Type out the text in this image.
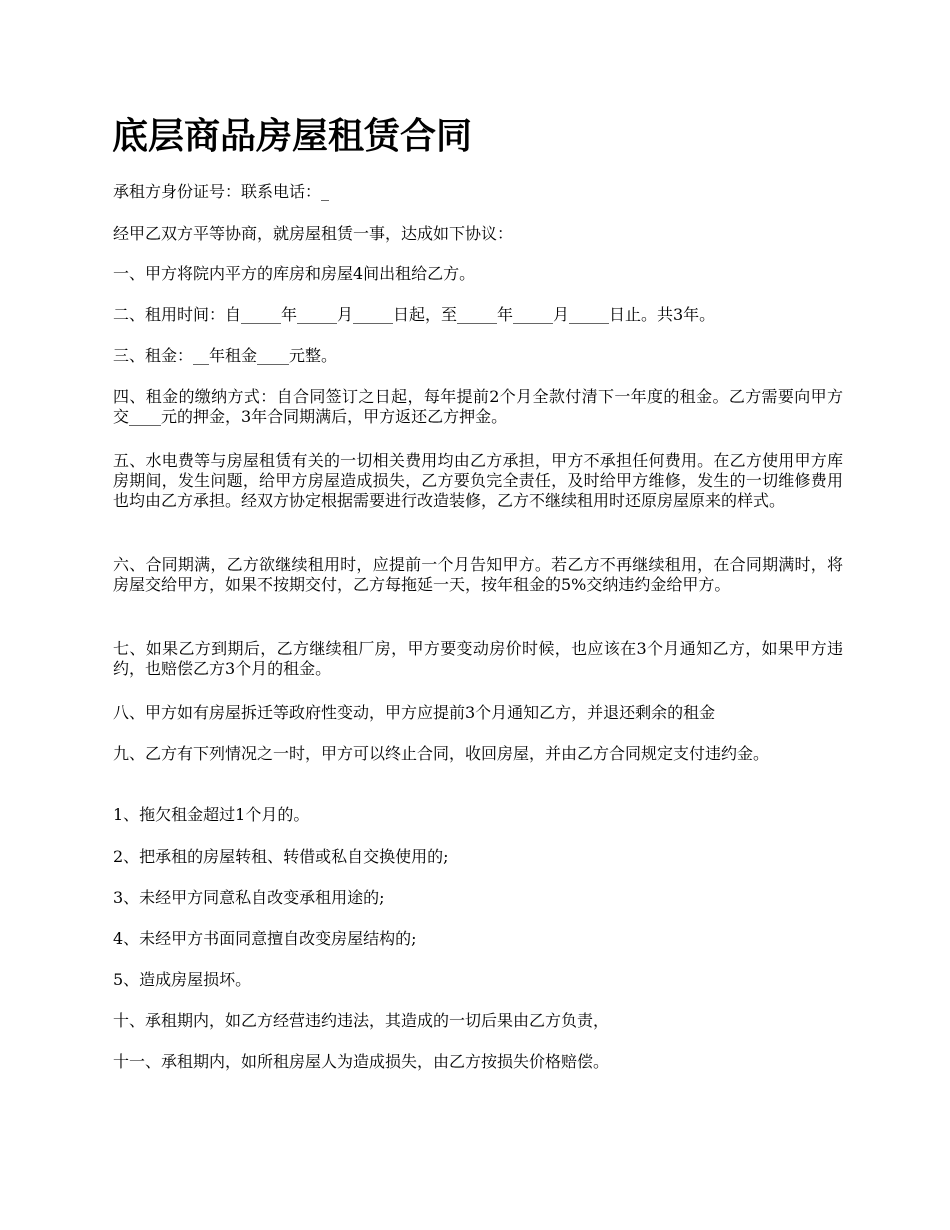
底层商品房屋租赁合同

承租方身份证号：联系电话：_

经甲乙双方平等协商，就房屋租赁一事，达成如下协议：

一、甲方将院内平方的库房和房屋4间出租给乙方。

二、租用时间：自_____年_____月_____日起，至_____年_____月_____日止。共3年。

三、租金：__年租金____元整。

四、租金的缴纳方式：自合同签订之日起，每年提前2个月全款付清下一年度的租金。乙方需要向甲方交____元的押金，3年合同期满后，甲方返还乙方押金。

五、水电费等与房屋租赁有关的一切相关费用均由乙方承担，甲方不承担任何费用。在乙方使用甲方库房期间，发生问题，给甲方房屋造成损失，乙方要负完全责任，及时给甲方维修，发生的一切维修费用也均由乙方承担。经双方协定根据需要进行改造装修，乙方不继续租用时还原房屋原来的样式。

六、合同期满，乙方欲继续租用时，应提前一个月告知甲方。若乙方不再继续租用，在合同期满时，将房屋交给甲方，如果不按期交付，乙方每拖延一天，按年租金的5%交纳违约金给甲方。

七、如果乙方到期后，乙方继续租厂房，甲方要变动房价时候，也应该在3个月通知乙方，如果甲方违约，也赔偿乙方3个月的租金。

八、甲方如有房屋拆迁等政府性变动，甲方应提前3个月通知乙方，并退还剩余的租金

九、乙方有下列情况之一时，甲方可以终止合同，收回房屋，并由乙方合同规定支付违约金。

1、拖欠租金超过1个月的。

2、把承租的房屋转租、转借或私自交换使用的;

3、未经甲方同意私自改变承租用途的;

4、未经甲方书面同意擅自改变房屋结构的;

5、造成房屋损坏。

十、承租期内，如乙方经营违约违法，其造成的一切后果由乙方负责，

十一、承租期内，如所租房屋人为造成损失，由乙方按损失价格赔偿。
